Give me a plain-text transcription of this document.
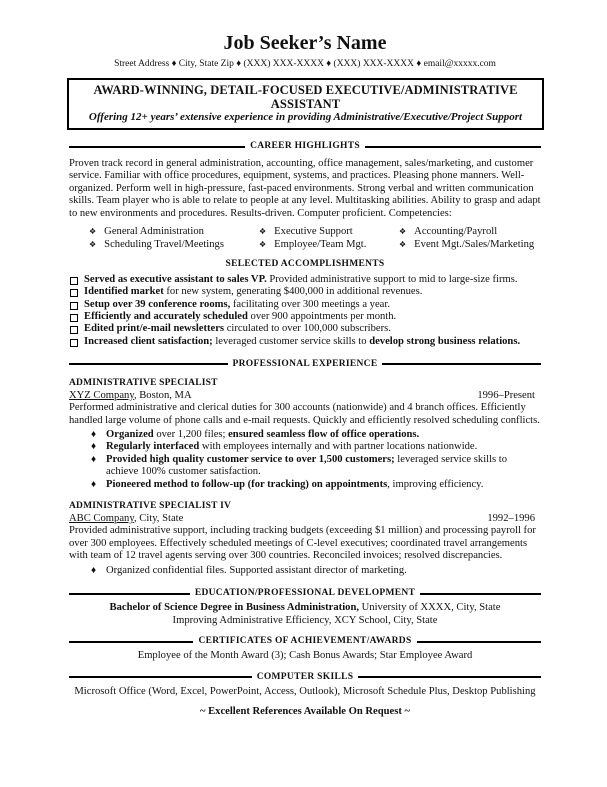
Job Seeker’s Name
Street Address ♦ City, State Zip ♦ (XXX) XXX-XXXX ♦ (XXX) XXX-XXXX ♦ email@xxxxx.com
AWARD-WINNING, DETAIL-FOCUSED EXECUTIVE/ADMINISTRATIVE ASSISTANT
Offering 12+ years’ extensive experience in providing Administrative/Executive/Project Support
CAREER HIGHLIGHTS
Proven track record in general administration, accounting, office management, sales/marketing, and customer service. Familiar with office procedures, equipment, systems, and practices. Pleasing phone manners. Well-organized. Perform well in high-pressure, fast-paced environments. Strong verbal and written communication skills. Team player who is able to relate to people at any level. Multitasking abilities. Ability to grasp and adapt to new environments and procedures. Results-driven. Computer proficient. Competencies:
❖ General Administration	❖ Executive Support	❖ Accounting/Payroll
❖ Scheduling Travel/Meetings	❖ Employee/Team Mgt.	❖ Event Mgt./Sales/Marketing
SELECTED ACCOMPLISHMENTS
Served as executive assistant to sales VP. Provided administrative support to mid to large-size firms.
Identified market for new system, generating $400,000 in additional revenues.
Setup over 39 conference rooms, facilitating over 300 meetings a year.
Efficiently and accurately scheduled over 900 appointments per month.
Edited print/e-mail newsletters circulated to over 100,000 subscribers.
Increased client satisfaction; leveraged customer service skills to develop strong business relations.
PROFESSIONAL EXPERIENCE
ADMINISTRATIVE SPECIALIST
XYZ Company, Boston, MA	1996–Present
Performed administrative and clerical duties for 300 accounts (nationwide) and 4 branch offices. Efficiently handled large volume of phone calls and e-mail requests. Quickly and efficiently resolved scheduling conflicts.
♦ Organized over 1,200 files; ensured seamless flow of office operations.
♦ Regularly interfaced with employees internally and with partner locations nationwide.
♦ Provided high quality customer service to over 1,500 customers; leveraged service skills to achieve 100% customer satisfaction.
♦ Pioneered method to follow-up (for tracking) on appointments, improving efficiency.
ADMINISTRATIVE SPECIALIST IV
ABC Company, City, State	1992–1996
Provided administrative support, including tracking budgets (exceeding $1 million) and processing payroll for over 300 employees. Effectively scheduled meetings of C-level executives; coordinated travel arrangements with team of 12 travel agents serving over 300 countries. Reconciled invoices; resolved discrepancies.
♦ Organized confidential files. Supported assistant director of marketing.
EDUCATION/PROFESSIONAL DEVELOPMENT
Bachelor of Science Degree in Business Administration, University of XXXX, City, State
Improving Administrative Efficiency, XCY School, City, State
CERTIFICATES OF ACHIEVEMENT/AWARDS
Employee of the Month Award (3); Cash Bonus Awards; Star Employee Award
COMPUTER SKILLS
Microsoft Office (Word, Excel, PowerPoint, Access, Outlook), Microsoft Schedule Plus, Desktop Publishing
~ Excellent References Available On Request ~
